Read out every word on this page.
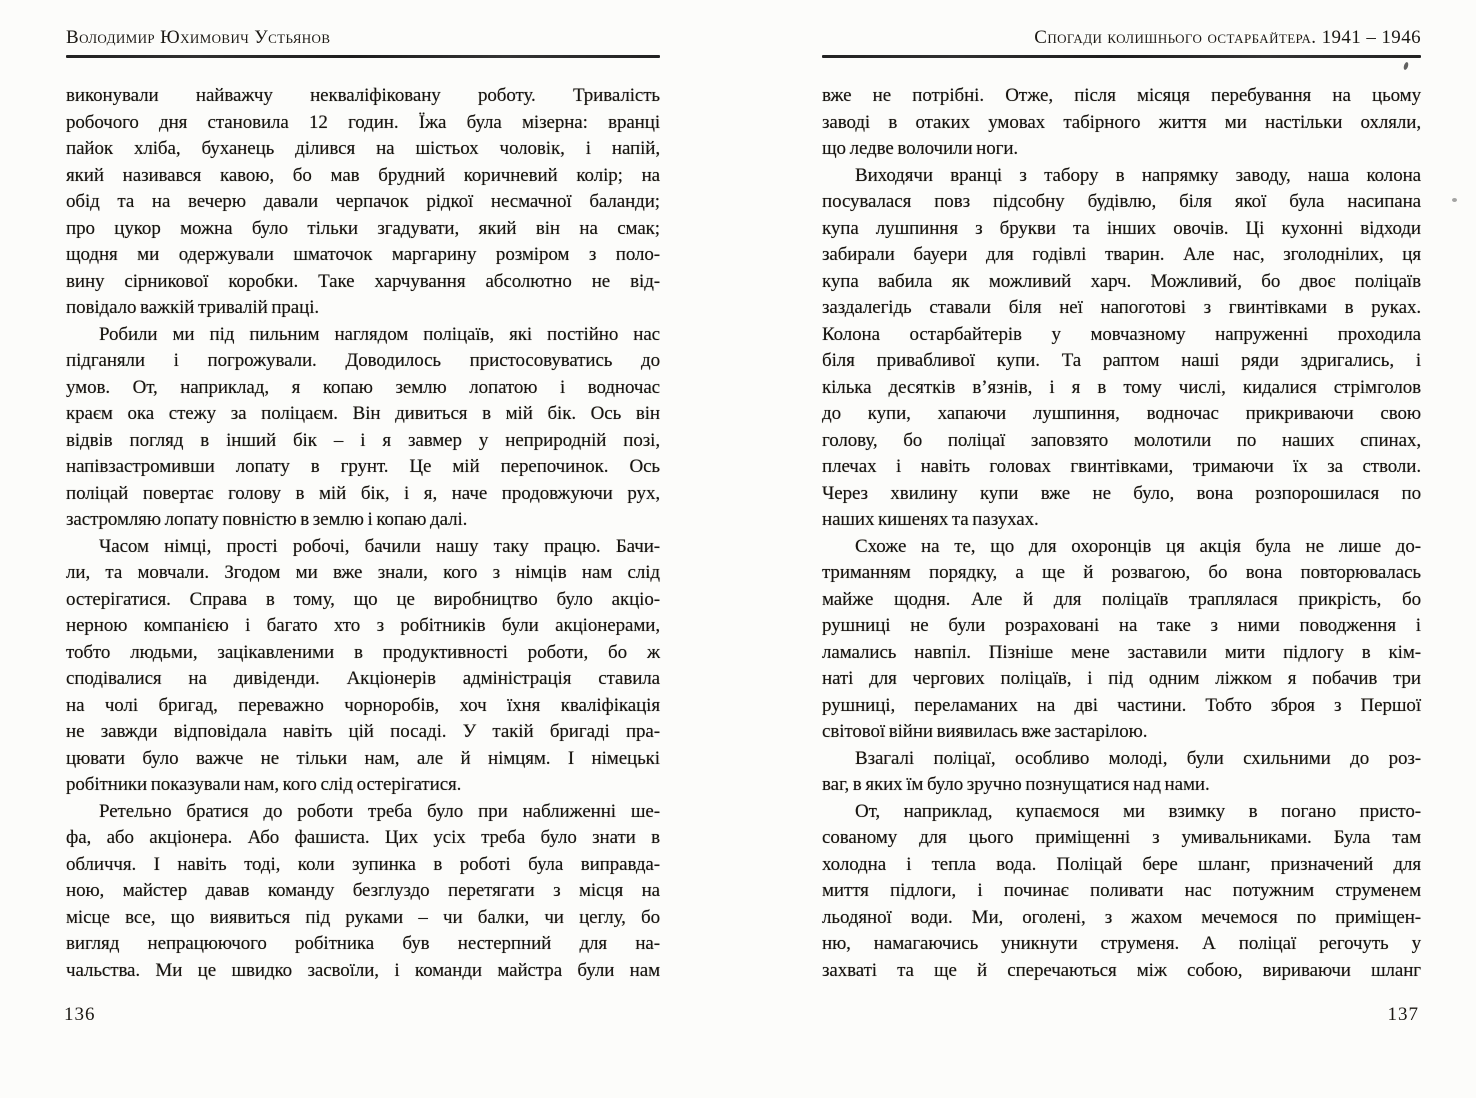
Володимир Юхимович Устьянов
виконували найважчу некваліфіковану роботу. Тривалість
робочого дня становила 12 годин. Їжа була мізерна: вранці
пайок хліба, буханець ділився на шістьох чоловік, і напій,
який називався кавою, бо мав брудний коричневий колір; на
обід та на вечерю давали черпачок рідкої несмачної баланди;
про цукор можна було тільки згадувати, який він на смак;
щодня ми одержували шматочок маргарину розміром з поло-
вину сірникової коробки. Таке харчування абсолютно не від-
повідало важкій тривалій праці.
Робили ми під пильним наглядом поліцаїв, які постійно нас
підганяли і погрожували. Доводилось пристосовуватись до
умов. От, наприклад, я копаю землю лопатою і водночас
краєм ока стежу за поліцаєм. Він дивиться в мій бік. Ось він
відвів погляд в інший бік – і я завмер у неприродній позі,
напівзастромивши лопату в грунт. Це мій перепочинок. Ось
поліцай повертає голову в мій бік, і я, наче продовжуючи рух,
застромляю лопату повністю в землю і копаю далі.
Часом німці, прості робочі, бачили нашу таку працю. Бачи-
ли, та мовчали. Згодом ми вже знали, кого з німців нам слід
остерігатися. Справа в тому, що це виробництво було акціо-
нерною компанією і багато хто з робітників були акціонерами,
тобто людьми, зацікавленими в продуктивності роботи, бо ж
сподівалися на дивіденди. Акціонерів адміністрація ставила
на чолі бригад, переважно чорноробів, хоч їхня кваліфікація
не завжди відповідала навіть цій посаді. У такій бригаді пра-
цювати було важче не тільки нам, але й німцям. І німецькі
робітники показували нам, кого слід остерігатися.
Ретельно братися до роботи треба було при наближенні ше-
фа, або акціонера. Або фашиста. Цих усіх треба було знати в
обличчя. І навіть тоді, коли зупинка в роботі була виправда-
ною, майстер давав команду безглуздо перетягати з місця на
місце все, що виявиться під руками – чи балки, чи цеглу, бо
вигляд непрацюючого робітника був нестерпний для на-
чальства. Ми це швидко засвоїли, і команди майстра були нам
136
Спогади колишнього остарбайтера. 1941 – 1946
вже не потрібні. Отже, після місяця перебування на цьому
заводі в отаких умовах табірного життя ми настільки охляли,
що ледве волочили ноги.
Виходячи вранці з табору в напрямку заводу, наша колона
посувалася повз підсобну будівлю, біля якої була насипана
купа лушпиння з брукви та інших овочів. Ці кухонні відходи
забирали бауери для годівлі тварин. Але нас, зголоднілих, ця
купа вабила як можливий харч. Можливий, бо двоє поліцаїв
заздалегідь ставали біля неї напоготові з гвинтівками в руках.
Колона остарбайтерів у мовчазному напруженні проходила
біля привабливої купи. Та раптом наші ряди здригались, і
кілька десятків в’язнів, і я в тому числі, кидалися стрімголов
до купи, хапаючи лушпиння, водночас прикриваючи свою
голову, бо поліцаї заповзято молотили по наших спинах,
плечах і навіть головах гвинтівками, тримаючи їх за стволи.
Через хвилину купи вже не було, вона розпорошилася по
наших кишенях та пазухах.
Схоже на те, що для охоронців ця акція була не лише до-
триманням порядку, а ще й розвагою, бо вона повторювалась
майже щодня. Але й для поліцаїв траплялася прикрість, бо
рушниці не були розраховані на таке з ними поводження і
ламались навпіл. Пізніше мене заставили мити підлогу в кім-
наті для чергових поліцаїв, і під одним ліжком я побачив три
рушниці, переламаних на дві частини. Тобто зброя з Першої
світової війни виявилась вже застарілою.
Взагалі поліцаї, особливо молоді, були схильними до роз-
ваг, в яких їм було зручно познущатися над нами.
От, наприклад, купаємося ми взимку в погано присто-
сованому для цього приміщенні з умивальниками. Була там
холодна і тепла вода. Поліцай бере шланг, призначений для
миття підлоги, і починає поливати нас потужним струменем
льодяної води. Ми, оголені, з жахом мечемося по приміщен-
ню, намагаючись уникнути струменя. А поліцаї регочуть у
захваті та ще й сперечаються між собою, вириваючи шланг
137
